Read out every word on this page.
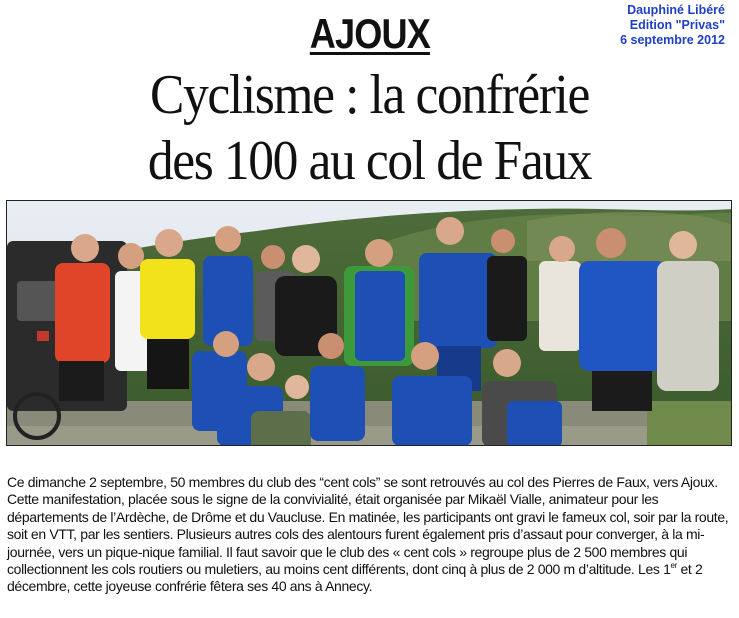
Dauphiné Libéré
Edition "Privas"
6 septembre 2012
AJOUX
Cyclisme : la confrérie
des 100 au col de Faux
Ce dimanche 2 septembre, 50 membres du club des “cent cols” se sont retrouvés au col des Pierres de Faux, vers Ajoux. Cette manifestation, placée sous le signe de la convivialité, était organisée par Mikaël Vialle, animateur pour les départements de l’Ardèche, de Drôme et du Vaucluse. En matinée, les participants ont gravi le fameux col, soir par la route, soit en VTT, par les sentiers. Plusieurs autres cols des alentours furent également pris d’assaut pour converger, à la mi-journée, vers un pique-nique familial. Il faut savoir que le club des « cent cols » regroupe plus de 2 500 membres qui collectionnent les cols routiers ou muletiers, au moins cent différents, dont cinq à plus de 2 000 m d’altitude. Les 1er et 2 décembre, cette joyeuse confrérie fêtera ses 40 ans à Annecy.
